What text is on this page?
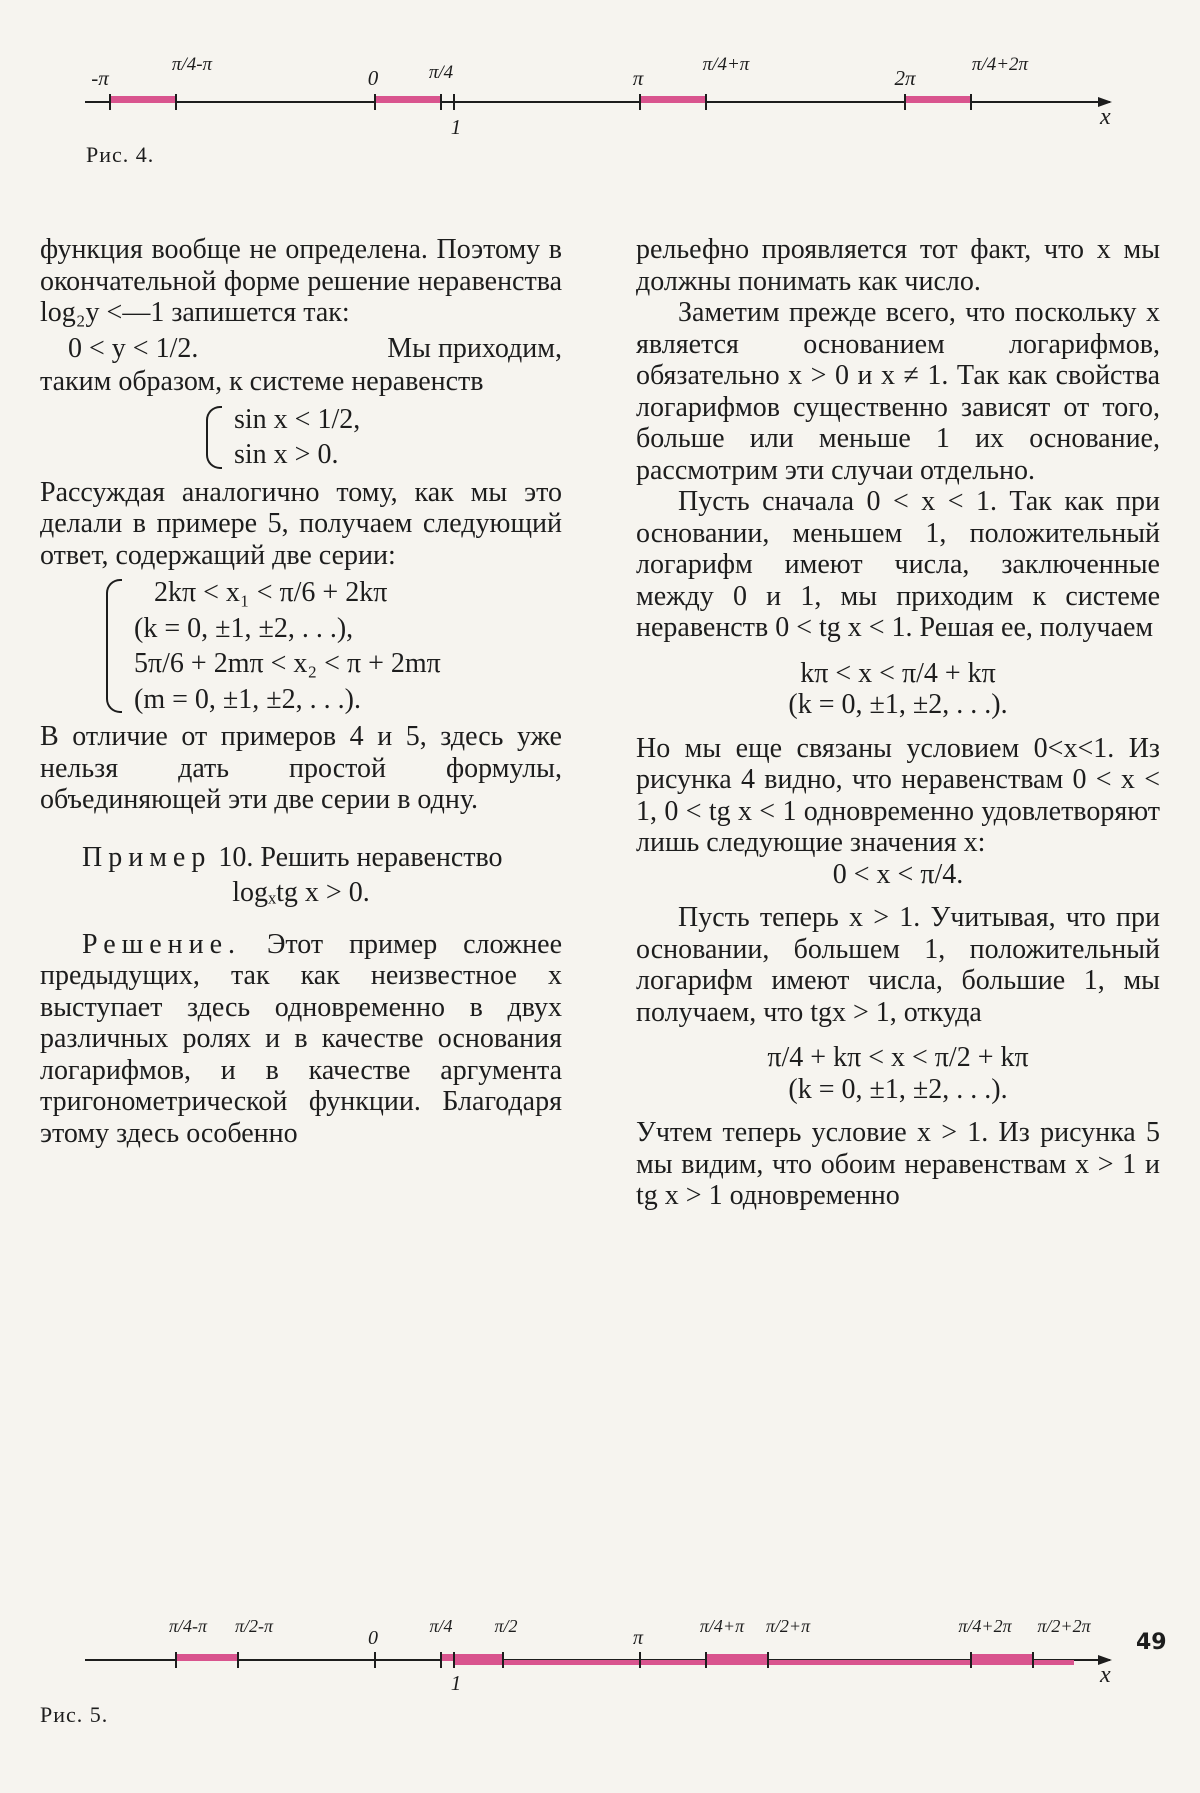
-π
π/4-π
0	π/4
1
π
π/4+π
2π
π/4+2π
x
Рис. 4.

функция вообще не определена. Поэтому в окончательной форме решение неравенства log₂y <—1 запишется так:

0 < y < 1/2.	Мы приходим,

таким образом, к системе неравенств

sin x < 1/2,
sin x > 0.

Рассуждая аналогично тому, как мы это делали в примере 5, получаем следующий ответ, содержащий две серии:

2kπ < x₁ < π/6 + 2kπ
(k = 0, ±1, ±2, . . .),
5π/6 + 2mπ < x₂ < π + 2mπ
(m = 0, ±1, ±2, . . .).

В отличие от примеров 4 и 5, здесь уже нельзя дать простой формулы, объединяющей эти две серии в одну.

Пример 10. Решить неравенство

logₓtg x > 0.

Решение. Этот пример сложнее предыдущих, так как неизвестное x выступает здесь одновременно в двух различных ролях и в качестве основания логарифмов, и в качестве аргумента тригонометрической функции. Благодаря этому здесь особенно

рельефно проявляется тот факт, что x мы должны понимать как число.

Заметим прежде всего, что поскольку x является основанием логарифмов, обязательно x > 0 и x ≠ 1. Так как свойства логарифмов существенно зависят от того, больше или меньше 1 их основание, рассмотрим эти случаи отдельно.

Пусть сначала 0 < x < 1. Так как при основании, меньшем 1, положительный логарифм имеют числа, заключенные между 0 и 1, мы приходим к системе неравенств 0 < tg x < 1. Решая ее, получаем

kπ < x < π/4 + kπ

(k = 0, ±1, ±2, . . .).

Но мы еще связаны условием 0<x<1. Из рисунка 4 видно, что неравенствам 0 < x < 1, 0 < tg x < 1 одновременно удовлетворяют лишь следующие значения x:

0 < x < π/4.

Пусть теперь x > 1. Учитывая, что при основании, большем 1, положительный логарифм имеют числа, большие 1, мы получаем, что tgx > 1, откуда

π/4 + kπ < x < π/2 + kπ

(k = 0, ±1, ±2, . . .).

Учтем теперь условие x > 1. Из рисунка 5 мы видим, что обоим неравенствам x > 1 и tg x > 1 одновременно

π/4-π π/2-π
0
π/4 π/2
1
π
π/4+π π/2+π	π/4+2π π/2+2π
x
Рис. 5.
49
